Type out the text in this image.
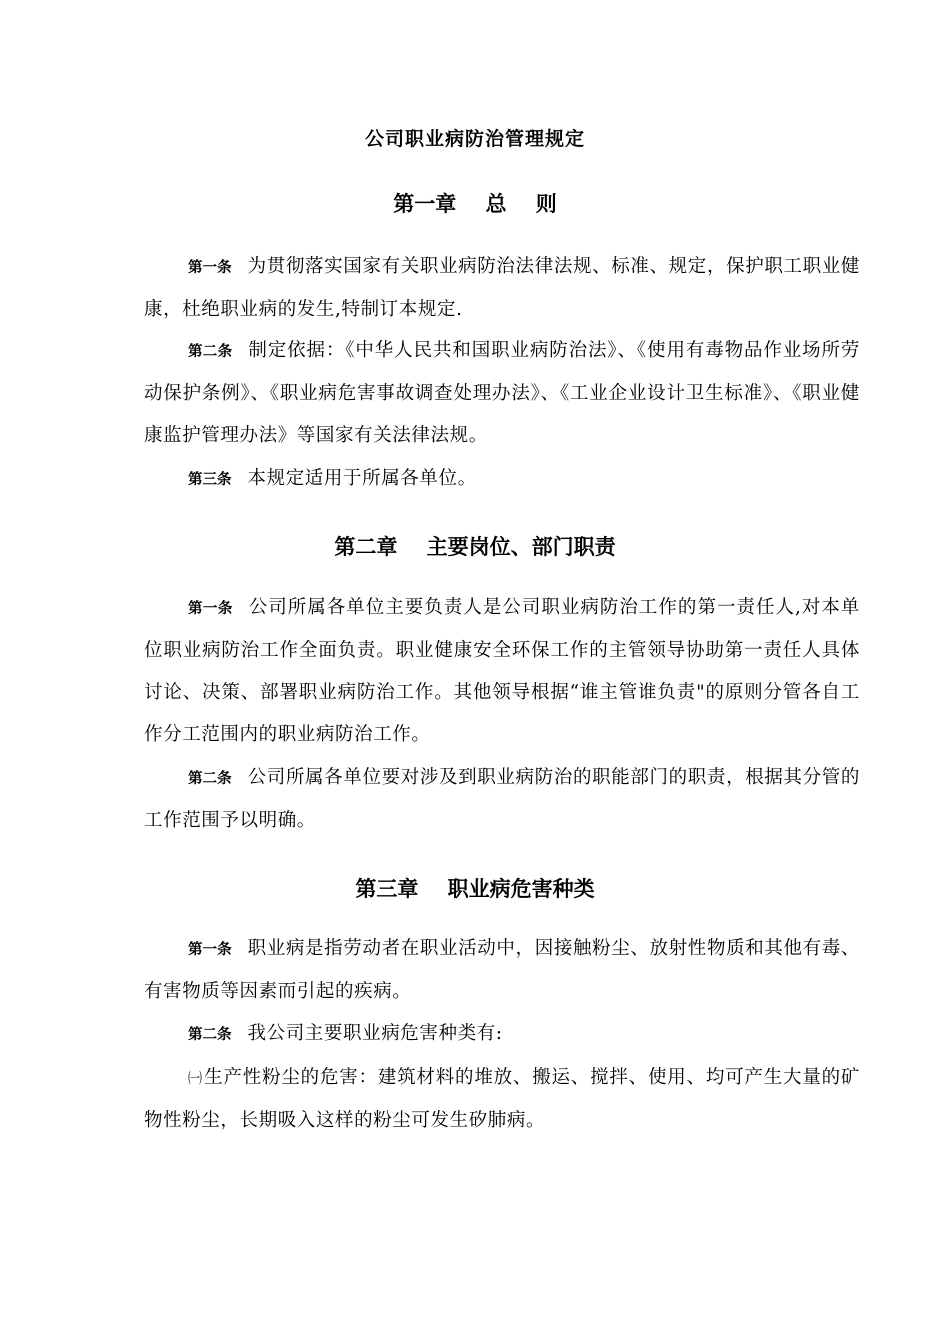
公司职业病防治管理规定
第一章    总    则
第一条 为贯彻落实国家有关职业病防治法律法规、标准、规定，保护职工职业健康，杜绝职业病的发生,特制订本规定.
第二条 制定依据：《中华人民共和国职业病防治法》、《使用有毒物品作业场所劳动保护条例》、《职业病危害事故调查处理办法》、《工业企业设计卫生标准》、《职业健康监护管理办法》等国家有关法律法规。
第三条 本规定适用于所属各单位。
第二章    主要岗位、部门职责
第一条 公司所属各单位主要负责人是公司职业病防治工作的第一责任人,对本单位职业病防治工作全面负责。职业健康安全环保工作的主管领导协助第一责任人具体讨论、决策、部署职业病防治工作。其他领导根据“谁主管谁负责"的原则分管各自工作分工范围内的职业病防治工作。
第二条 公司所属各单位要对涉及到职业病防治的职能部门的职责，根据其分管的工作范围予以明确。
第三章    职业病危害种类
第一条 职业病是指劳动者在职业活动中，因接触粉尘、放射性物质和其他有毒、有害物质等因素而引起的疾病。
第二条 我公司主要职业病危害种类有:
㈠ 生产性粉尘的危害：建筑材料的堆放、搬运、搅拌、使用、均可产生大量的矿物性粉尘，长期吸入这样的粉尘可发生矽肺病。
